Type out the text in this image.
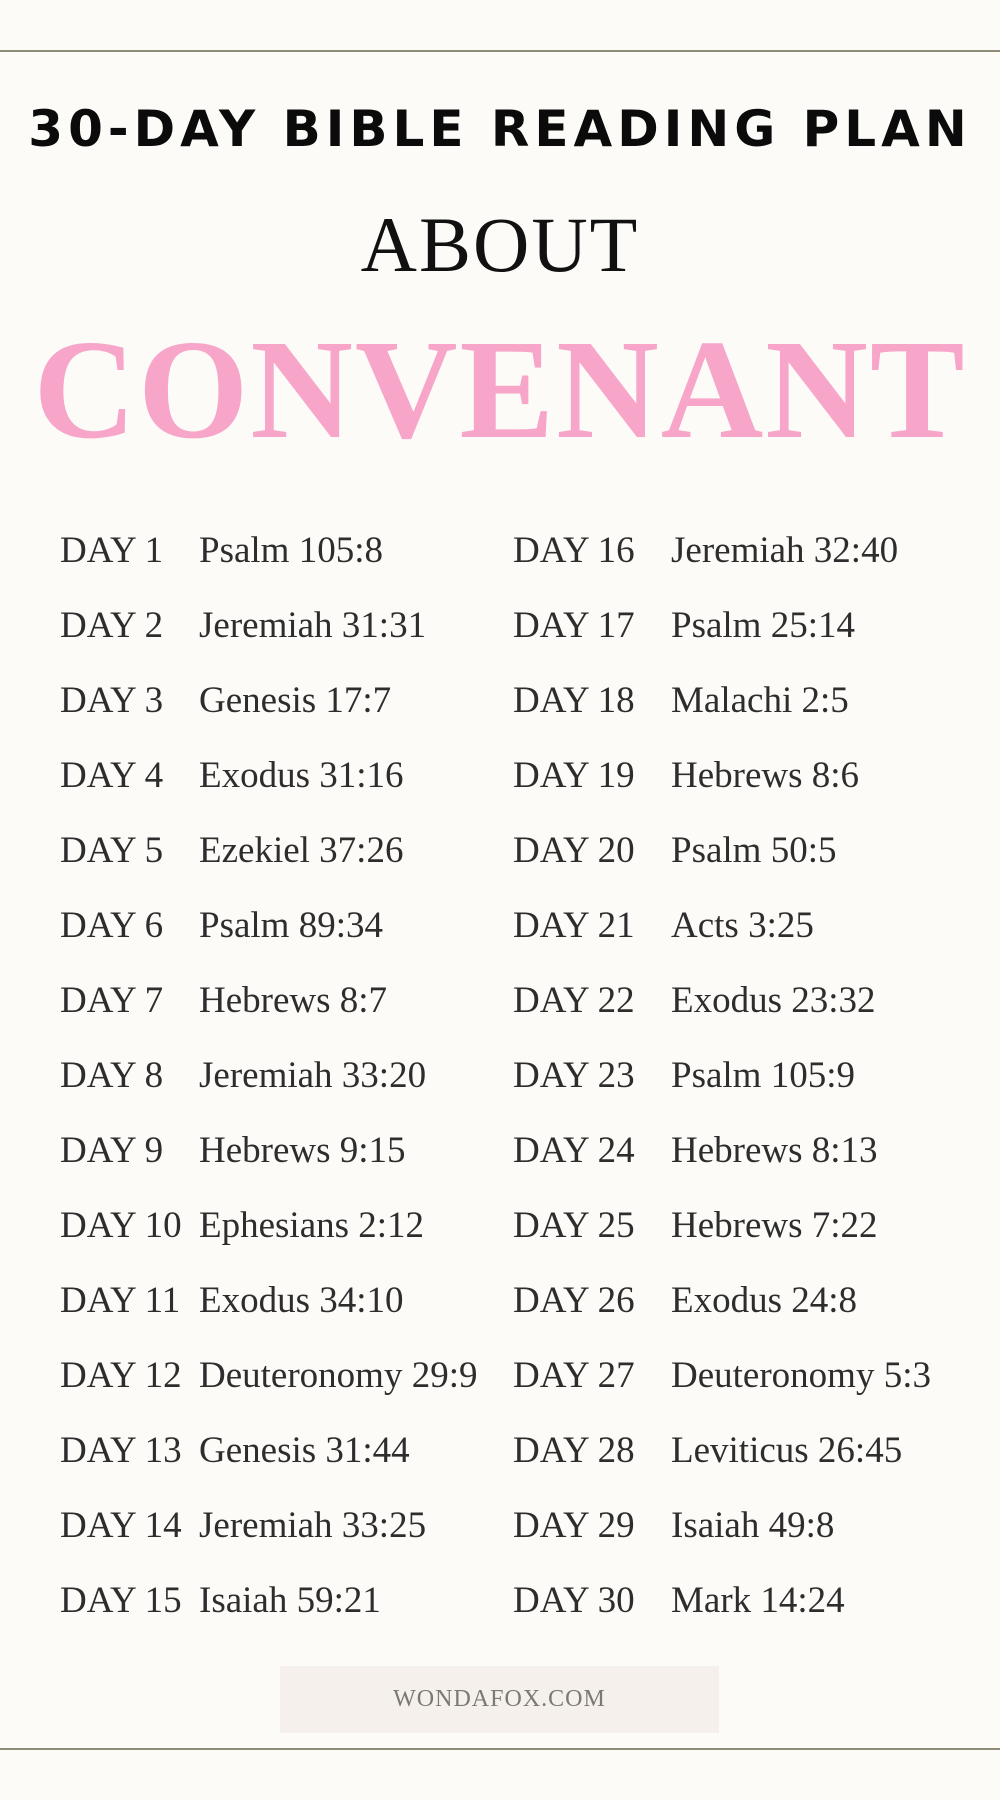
30-DAY BIBLE READING PLAN
ABOUT
CONVENANT
DAY 1 Psalm 105:8
DAY 2 Jeremiah 31:31
DAY 3 Genesis 17:7
DAY 4 Exodus 31:16
DAY 5 Ezekiel 37:26
DAY 6 Psalm 89:34
DAY 7 Hebrews 8:7
DAY 8 Jeremiah 33:20
DAY 9 Hebrews 9:15
DAY 10 Ephesians 2:12
DAY 11 Exodus 34:10
DAY 12 Deuteronomy 29:9
DAY 13 Genesis 31:44
DAY 14 Jeremiah 33:25
DAY 15 Isaiah 59:21
DAY 16 Jeremiah 32:40
DAY 17 Psalm 25:14
DAY 18 Malachi 2:5
DAY 19 Hebrews 8:6
DAY 20 Psalm 50:5
DAY 21 Acts 3:25
DAY 22 Exodus 23:32
DAY 23 Psalm 105:9
DAY 24 Hebrews 8:13
DAY 25 Hebrews 7:22
DAY 26 Exodus 24:8
DAY 27 Deuteronomy 5:3
DAY 28 Leviticus 26:45
DAY 29 Isaiah 49:8
DAY 30 Mark 14:24
WONDAFOX.COM
